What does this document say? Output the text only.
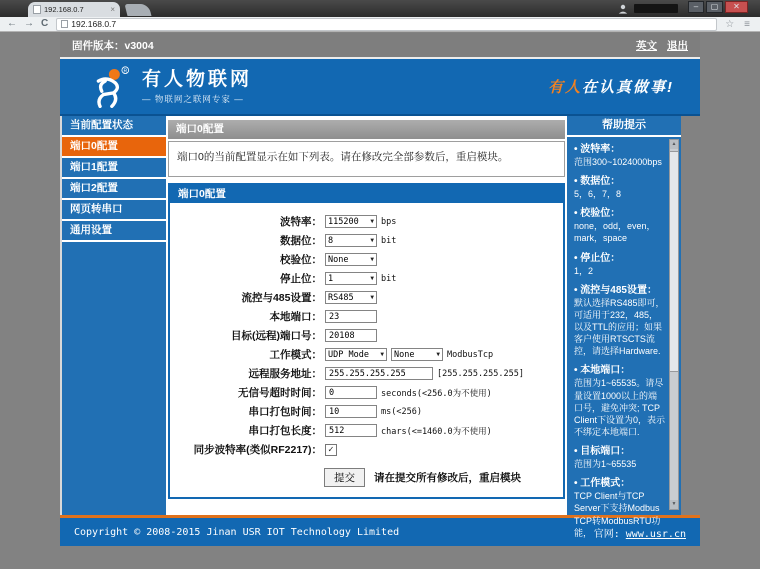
192.168.0.7	×	–	▢	✕
← → C	192.168.0.7	☆ ≡
固件版本：v3004	英文 退出
R 有人物联网
— 物联网之联网专家 —
有人在认真做事!
当前配置状态
端口0配置
端口1配置
端口2配置
网页转串口
通用设置
端口0配置
端口0的当前配置显示在如下列表。请在修改完全部参数后，重启模块。
端口0配置
波特率： 115200 ▼ bps
数据位： 8	▼ bit
校验位： None	▼
停止位： 1	▼ bit
流控与485设置： RS485	▼
本地端口： 23
目标(远程)端口号： 20108
工作模式： UDP Mode ▼ None	▼ ModbusTcp
远程服务地址： 255.255.255.255	[255.255.255.255]
无信号超时时间： 0	seconds(<256.0为不使用)
串口打包时间： 10	ms(<256)
串口打包长度： 512	chars(<=1460.0为不使用)
同步波特率(类似RF2217)： ✓
提交	请在提交所有修改后，重启模块
帮助提示
• 波特率：
范围300~1024000bps
• 数据位：
5，6，7，8
• 校验位：
none，odd，even，mark，space
• 停止位：
1，2
• 流控与485设置：
默认选择RS485即可，可适用于232，485，以及TTL的应用；如果客户使用RTSCTS流控，请选择Hardware.
• 本地端口：
范围为1~65535。请尽量设置1000以上的端口号，避免冲突; TCP Client下设置为0，表示不绑定本地端口.
• 目标端口：
范围为1~65535
• 工作模式：
TCP Client与TCP Server下支持Modbus TCP转ModbusRTU功能，
▲
▼
Copyright © 2008-2015 Jinan USR IOT Technology Limited	官网: www.usr.cn
